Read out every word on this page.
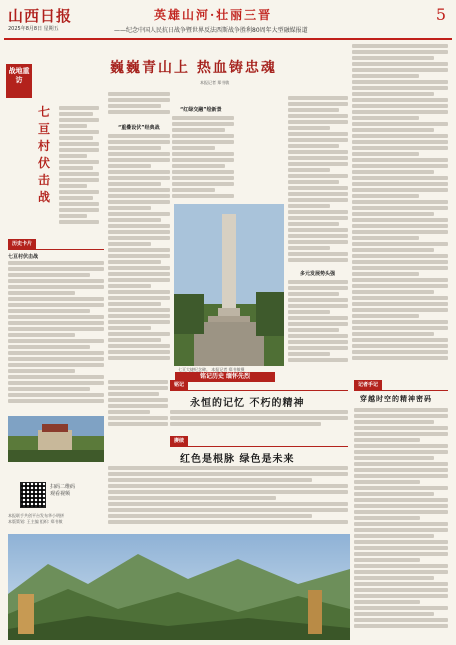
山西日报
2025年8月8日 星期五
英雄山河·壮丽三晋
——纪念中国人民抗日战争暨世界反法西斯战争胜利80周年大型融媒报道
5
巍巍青山上 热血铸忠魂
本报记者 郑书敏
战地重访
七亘村伏击战
历史卡片
七亘村伏击战
扫码二维码
观看视频
本报联手共创平台发布华小明拼
本版策划: 王主编 组织: 郑书敏
“重叠设伏”经典战
“红绿交融”绘新景
七亘大捷纪念碑。 本报记者 郑书敏摄
多元发展势头强
铭记历史 缅怀先烈
铭记
永恒的记忆 不朽的精神
赓续
红色是根脉 绿色是未来
记者手记
穿越时空的精神密码
